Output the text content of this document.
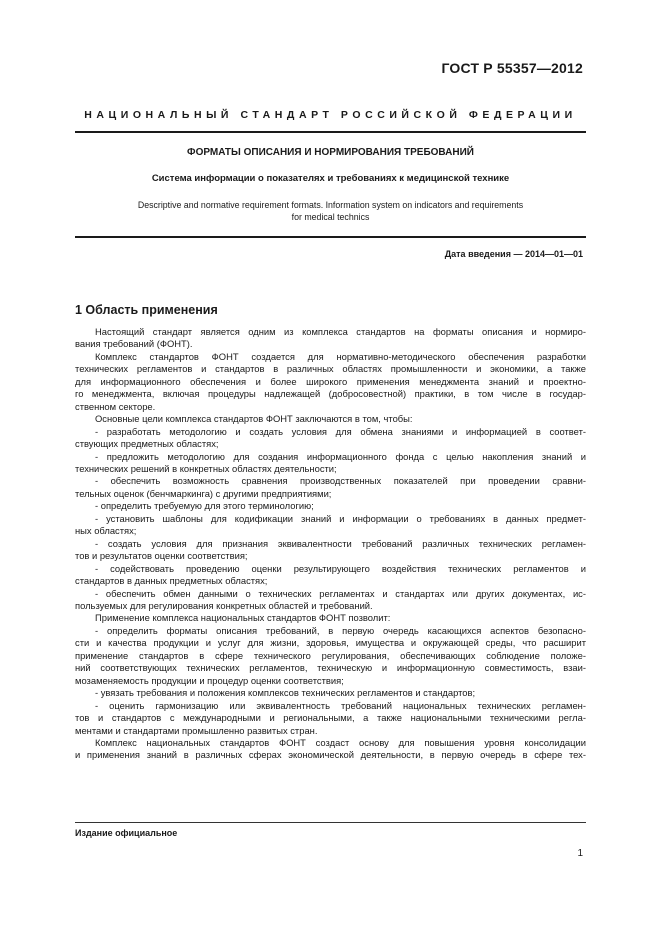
ГОСТ Р 55357—2012
НАЦИОНАЛЬНЫЙ СТАНДАРТ РОССИЙСКОЙ ФЕДЕРАЦИИ
ФОРМАТЫ ОПИСАНИЯ И НОРМИРОВАНИЯ ТРЕБОВАНИЙ
Система информации о показателях и требованиях к медицинской технике
Descriptive and normative requirement formats. Information system on indicators and requirements
for medical technics
Дата введения — 2014—01—01
1 Область применения
Настоящий стандарт является одним из комплекса стандартов на форматы описания и нормиро-
вания требований (ФОНТ).
Комплекс стандартов ФОНТ создается для нормативно-методического обеспечения разработки
технических регламентов и стандартов в различных областях промышленности и экономики, а также
для информационного обеспечения и более широкого применения менеджмента знаний и проектно-
го менеджмента, включая процедуры надлежащей (добросовестной) практики, в том числе в государ-
ственном секторе.
Основные цели комплекса стандартов ФОНТ заключаются в том, чтобы:
- разработать методологию и создать условия для обмена знаниями и информацией в соответ-
ствующих предметных областях;
- предложить методологию для создания информационного фонда с целью накопления знаний и
технических решений в конкретных областях деятельности;
- обеспечить возможность сравнения производственных показателей при проведении сравни-
тельных оценок (бенчмаркинга) с другими предприятиями;
- определить требуемую для этого терминологию;
- установить шаблоны для кодификации знаний и информации о требованиях в данных предмет-
ных областях;
- создать условия для признания эквивалентности требований различных технических регламен-
тов и результатов оценки соответствия;
- содействовать проведению оценки результирующего воздействия технических регламентов и
стандартов в данных предметных областях;
- обеспечить обмен данными о технических регламентах и стандартах или других документах, ис-
пользуемых для регулирования конкретных областей и требований.
Применение комплекса национальных стандартов ФОНТ позволит:
- определить форматы описания требований, в первую очередь касающихся аспектов безопасно-
сти и качества продукции и услуг для жизни, здоровья, имущества и окружающей среды, что расширит
применение стандартов в сфере технического регулирования, обеспечивающих соблюдение положе-
ний соответствующих технических регламентов, техническую и информационную совместимость, взаи-
мозаменяемость продукции и процедур оценки соответствия;
- увязать требования и положения комплексов технических регламентов и стандартов;
- оценить гармонизацию или эквивалентность требований национальных технических регламен-
тов и стандартов с международными и региональными, а также национальными техническими регла-
ментами и стандартами промышленно развитых стран.
Комплекс национальных стандартов ФОНТ создаст основу для повышения уровня консолидации
и применения знаний в различных сферах экономической деятельности, в первую очередь в сфере тех-
Издание официальное
1
